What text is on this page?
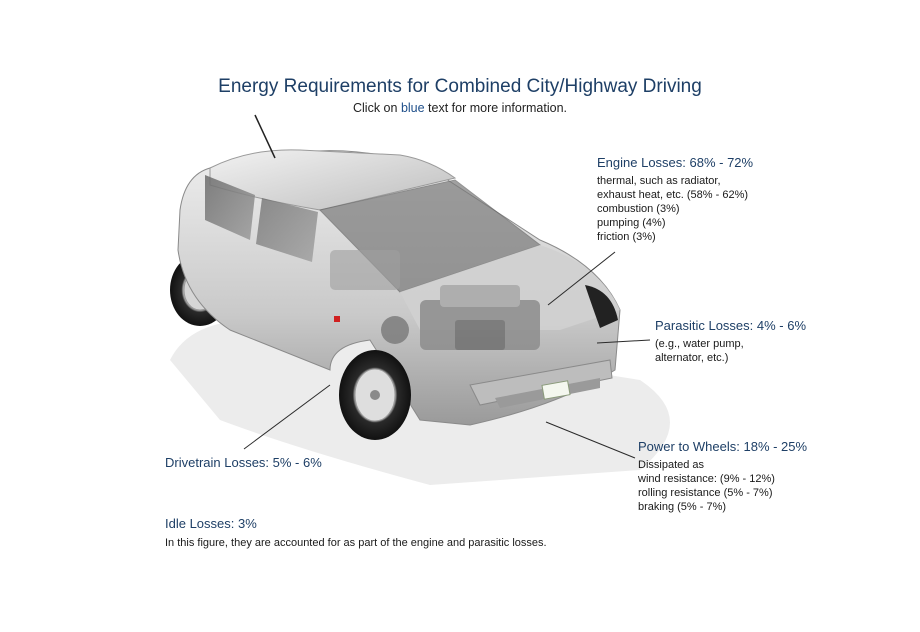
Energy Requirements for Combined City/Highway Driving
Click on blue text for more information.
Engine Losses: 68% - 72%
thermal, such as radiator,
exhaust heat, etc. (58% - 62%)
combustion (3%)
pumping (4%)
friction (3%)
Parasitic Losses: 4% - 6%
(e.g., water pump,
alternator, etc.)
Power to Wheels: 18% - 25%
Dissipated as
wind resistance: (9% - 12%)
rolling resistance (5% - 7%)
braking (5% - 7%)
Drivetrain Losses: 5% - 6%
Idle Losses: 3%
In this figure, they are accounted for as part of the engine and parasitic losses.
